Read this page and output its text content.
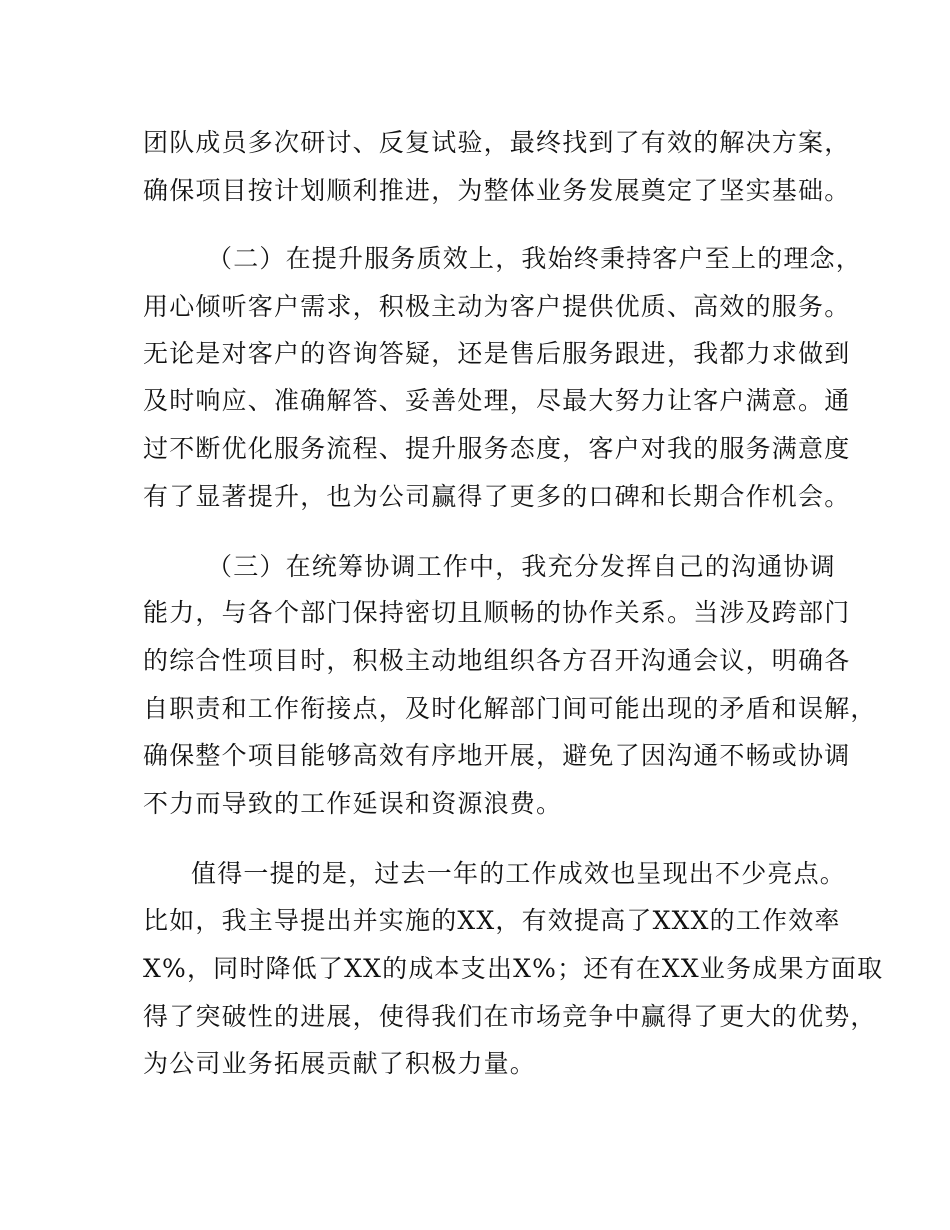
团队成员多次研讨、反复试验，最终找到了有效的解决方案，
确保项目按计划顺利推进，为整体业务发展奠定了坚实基础。
（二）在提升服务质效上，我始终秉持客户至上的理念，
用心倾听客户需求，积极主动为客户提供优质、高效的服务。
无论是对客户的咨询答疑，还是售后服务跟进，我都力求做到
及时响应、准确解答、妥善处理，尽最大努力让客户满意。通
过不断优化服务流程、提升服务态度，客户对我的服务满意度
有了显著提升，也为公司赢得了更多的口碑和长期合作机会。
（三）在统筹协调工作中，我充分发挥自己的沟通协调
能力，与各个部门保持密切且顺畅的协作关系。当涉及跨部门
的综合性项目时，积极主动地组织各方召开沟通会议，明确各
自职责和工作衔接点，及时化解部门间可能出现的矛盾和误解，
确保整个项目能够高效有序地开展，避免了因沟通不畅或协调
不力而导致的工作延误和资源浪费。
值得一提的是，过去一年的工作成效也呈现出不少亮点。
比如，我主导提出并实施的XX，有效提高了XXX的工作效率
X%，同时降低了XX的成本支出X%；还有在XX业务成果方面取
得了突破性的进展，使得我们在市场竞争中赢得了更大的优势，
为公司业务拓展贡献了积极力量。
